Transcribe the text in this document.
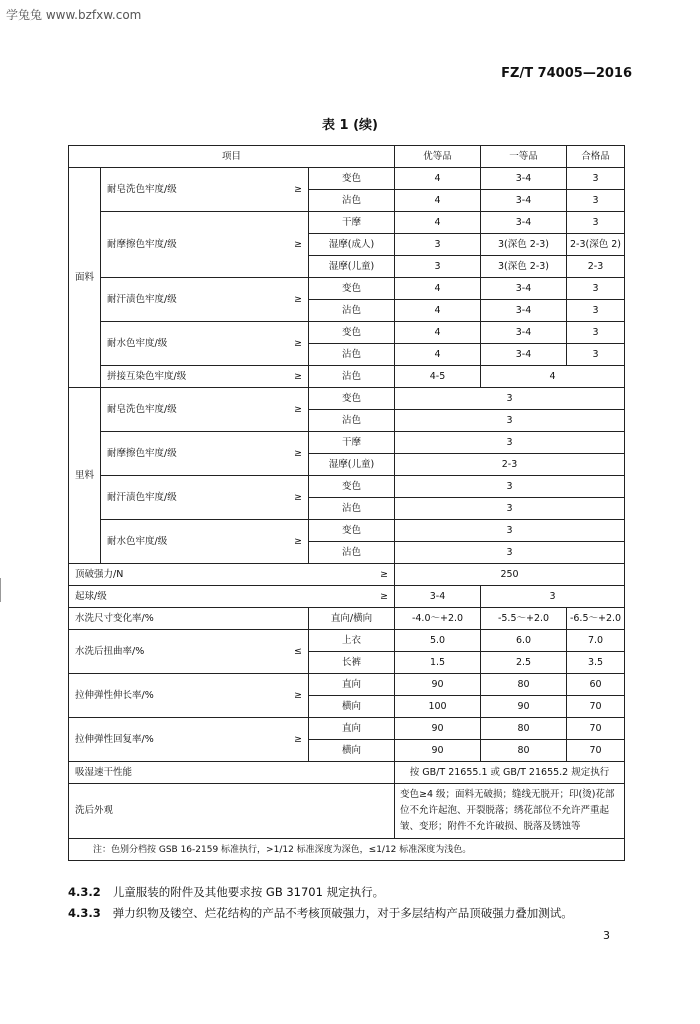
学兔兔 www.bzfxw.com
FZ/T 74005—2016
表 1 (续)
项目				优等品	一等品	合格品
面料	耐皂洗色牢度/级	≥	变色	4	3-4	3
			沾色	4	3-4	3
	耐摩擦色牢度/级	≥	干摩	4	3-4	3
			湿摩(成人)	3	3(深色 2-3)	2-3(深色 2)
			湿摩(儿童)	3	3(深色 2-3)	2-3
	耐汗渍色牢度/级	≥	变色	4	3-4	3
			沾色	4	3-4	3
	耐水色牢度/级	≥	变色	4	3-4	3
			沾色	4	3-4	3
	拼接互染色牢度/级	≥	沾色	4-5	4	
里料	耐皂洗色牢度/级	≥	变色	3		
			沾色	3		
	耐摩擦色牢度/级	≥	干摩	3		
			湿摩(儿童)	2-3		
	耐汗渍色牢度/级	≥	变色	3		
			沾色	3		
	耐水色牢度/级	≥	变色	3		
			沾色	3		
顶破强力/N			≥	250		
起球/级			≥	3-4	3	
水洗尺寸变化率/%			直向/横向	-4.0～+2.0	-5.5～+2.0	-6.5～+2.0
水洗后扭曲率/%		≤	上衣	5.0	6.0	7.0
			长裤	1.5	2.5	3.5
拉伸弹性伸长率/%		≥	直向	90	80	60
			横向	100	90	70
拉伸弹性回复率/%		≥	直向	90	80	70
			横向	90	80	70
吸湿速干性能				按 GB/T 21655.1 或 GB/T 21655.2 规定执行		
洗后外观				变色≥4 级；面料无破损；缝线无脱开；印(烫)花部位不允许起泡、开裂脱落；绣花部位不允许严重起皱、变形；附件不允许破损、脱落及锈蚀等		
注：色别分档按 GSB 16-2159 标准执行，>1/12 标准深度为深色，≤1/12 标准深度为浅色。						
4.3.2 儿童服装的附件及其他要求按 GB 31701 规定执行。
4.3.3 弹力织物及镂空、烂花结构的产品不考核顶破强力，对于多层结构产品顶破强力叠加测试。
3
